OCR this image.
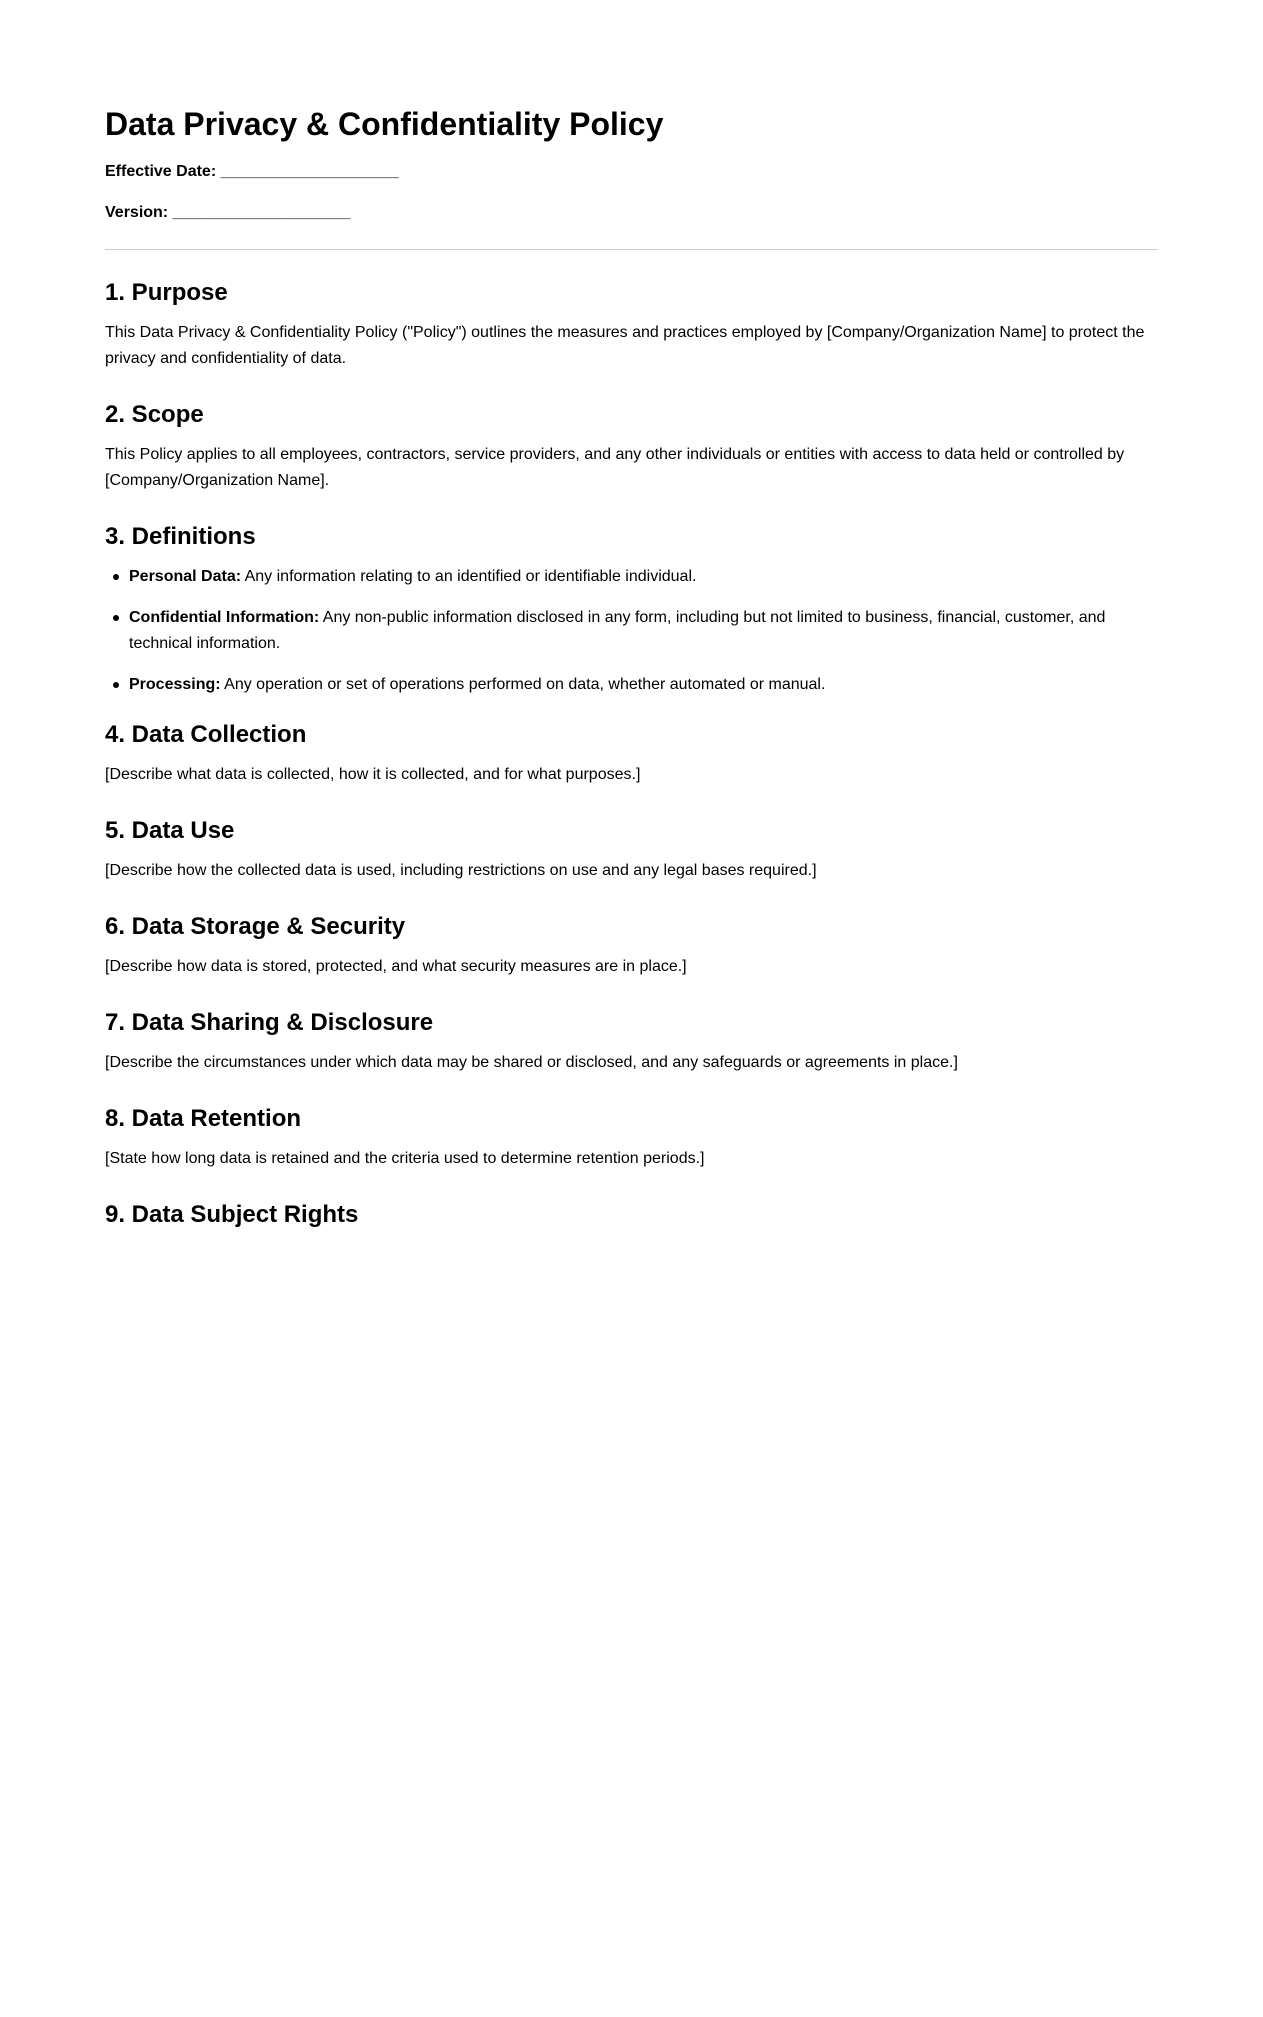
Data Privacy & Confidentiality Policy
Effective Date: ____________________
Version: ____________________
1. Purpose

This Data Privacy & Confidentiality Policy ("Policy") outlines the measures and practices employed by [Company/Organization Name] to protect the privacy and confidentiality of data.

2. Scope

This Policy applies to all employees, contractors, service providers, and any other individuals or entities with access to data held or controlled by [Company/Organization Name].

3. Definitions
Personal Data: Any information relating to an identified or identifiable individual.
Confidential Information: Any non-public information disclosed in any form, including but not limited to business, financial, customer, and technical information.
Processing: Any operation or set of operations performed on data, whether automated or manual.
4. Data Collection

[Describe what data is collected, how it is collected, and for what purposes.]

5. Data Use

[Describe how the collected data is used, including restrictions on use and any legal bases required.]

6. Data Storage & Security

[Describe how data is stored, protected, and what security measures are in place.]

7. Data Sharing & Disclosure

[Describe the circumstances under which data may be shared or disclosed, and any safeguards or agreements in place.]

8. Data Retention

[State how long data is retained and the criteria used to determine retention periods.]

9. Data Subject Rights
